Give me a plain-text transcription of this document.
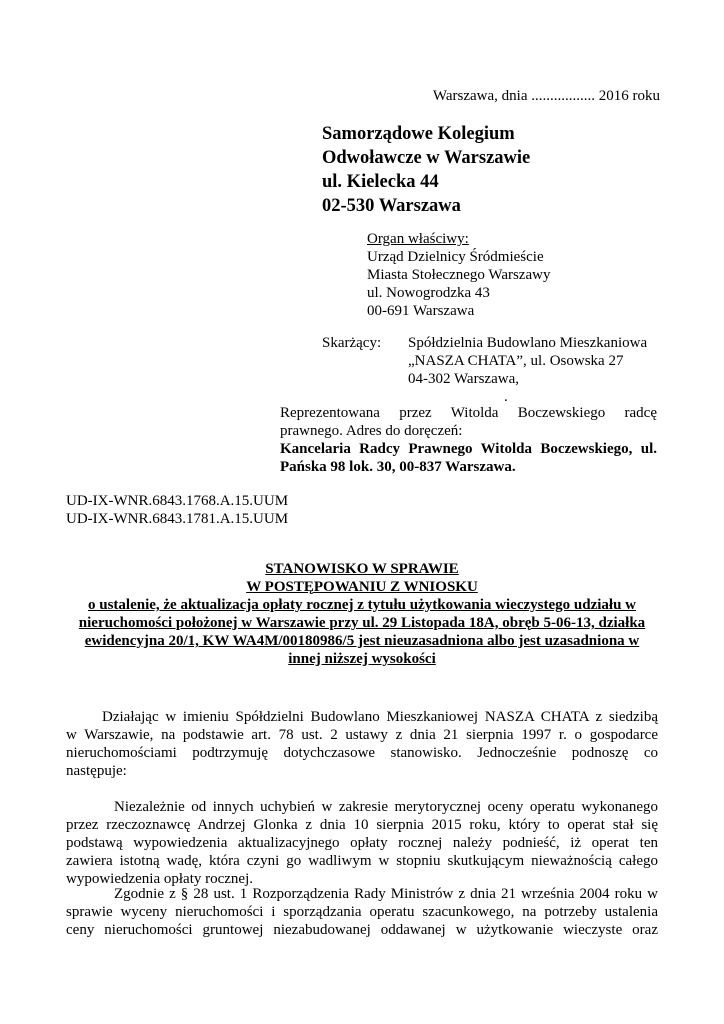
Warszawa, dnia ................. 2016 roku
Samorządowe Kolegium
Odwoławcze w Warszawie
ul. Kielecka 44
02-530 Warszawa
Organ właściwy:
Urząd Dzielnicy Śródmieście
Miasta Stołecznego Warszawy
ul. Nowogrodzka 43
00-691 Warszawa
Skarżący: Spółdzielnia Budowlano Mieszkaniowa
„NASZA CHATA”, ul. Osowska 27
04-302 Warszawa,
.
Reprezentowana przez Witolda Boczewskiego radcę
prawnego. Adres do doręczeń:
Kancelaria Radcy Prawnego Witolda Boczewskiego, ul.
Pańska 98 lok. 30, 00-837 Warszawa.
UD-IX-WNR.6843.1768.A.15.UUM
UD-IX-WNR.6843.1781.A.15.UUM
STANOWISKO W SPRAWIE
W POSTĘPOWANIU Z WNIOSKU
o ustalenie, że aktualizacja opłaty rocznej z tytułu użytkowania wieczystego udziału w
nieruchomości położonej w Warszawie przy ul. 29 Listopada 18A, obręb 5-06-13, działka
ewidencyjna 20/1, KW WA4M/00180986/5 jest nieuzasadniona albo jest uzasadniona w
innej niższej wysokości
Działając w imieniu Spółdzielni Budowlano Mieszkaniowej NASZA CHATA z siedzibą
w Warszawie, na podstawie art. 78 ust. 2 ustawy z dnia 21 sierpnia 1997 r. o gospodarce
nieruchomościami podtrzymuję dotychczasowe stanowisko. Jednocześnie podnoszę co
następuje:
Niezależnie od innych uchybień w zakresie merytorycznej oceny operatu wykonanego
przez rzeczoznawcę Andrzej Glonka z dnia 10 sierpnia 2015 roku, który to operat stał się
podstawą wypowiedzenia aktualizacyjnego opłaty rocznej należy podnieść, iż operat ten
zawiera istotną wadę, która czyni go wadliwym w stopniu skutkującym nieważnością całego
wypowiedzenia opłaty rocznej.
Zgodnie z § 28 ust. 1 Rozporządzenia Rady Ministrów z dnia 21 września 2004 roku w
sprawie wyceny nieruchomości i sporządzania operatu szacunkowego, na potrzeby ustalenia
ceny nieruchomości gruntowej niezabudowanej oddawanej w użytkowanie wieczyste oraz
